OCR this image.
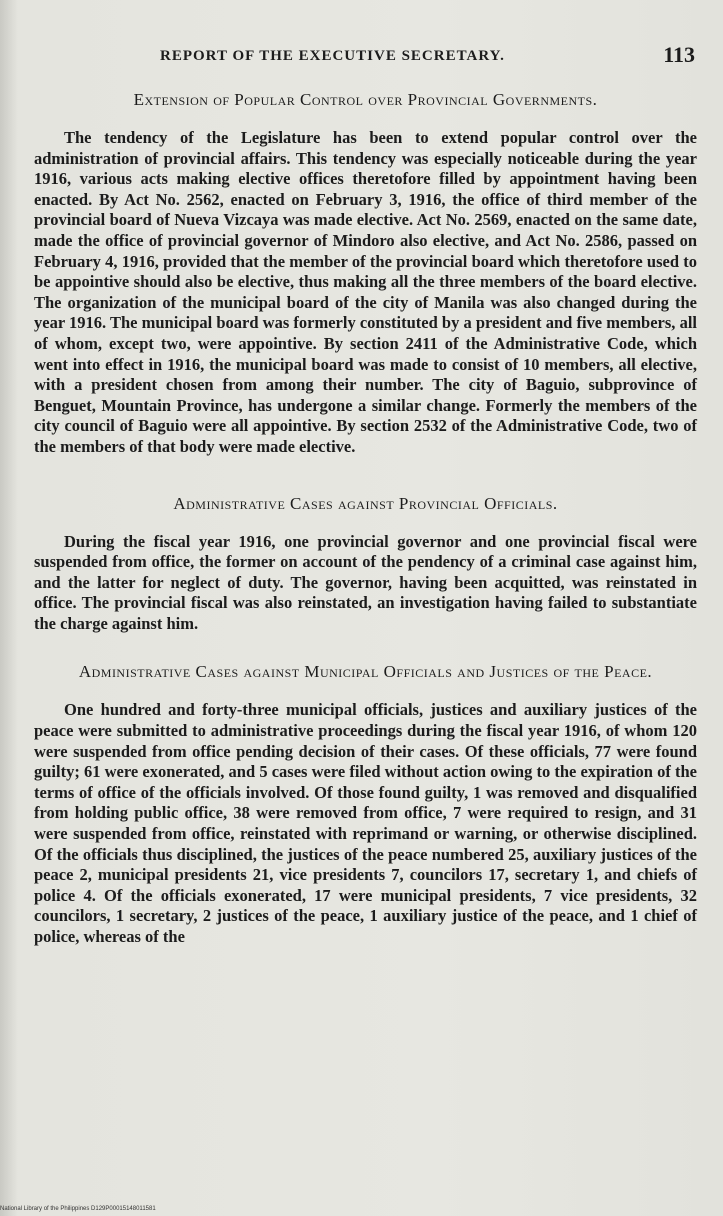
REPORT OF THE EXECUTIVE SECRETARY.	113
Extension of Popular Control over Provincial Governments.

The tendency of the Legislature has been to extend popular control over the administration of provincial affairs. This tendency was especially noticeable during the year 1916, various acts making elective offices theretofore filled by appointment having been enacted. By Act No. 2562, enacted on February 3, 1916, the office of third member of the provincial board of Nueva Vizcaya was made elective. Act No. 2569, enacted on the same date, made the office of provincial governor of Mindoro also elective, and Act No. 2586, passed on February 4, 1916, provided that the member of the provincial board which theretofore used to be appointive should also be elective, thus making all the three members of the board elective. The organization of the municipal board of the city of Manila was also changed during the year 1916. The municipal board was formerly constituted by a president and five members, all of whom, except two, were appointive. By section 2411 of the Administrative Code, which went into effect in 1916, the municipal board was made to consist of 10 members, all elective, with a president chosen from among their number. The city of Baguio, subprovince of Benguet, Mountain Province, has undergone a similar change. Formerly the members of the city council of Baguio were all appointive. By section 2532 of the Administrative Code, two of the members of that body were made elective.

Administrative Cases against Provincial Officials.

During the fiscal year 1916, one provincial governor and one provincial fiscal were suspended from office, the former on account of the pendency of a criminal case against him, and the latter for neglect of duty. The governor, having been acquitted, was reinstated in office. The provincial fiscal was also reinstated, an investigation having failed to substantiate the charge against him.

Administrative Cases against Municipal Officials and Justices of the Peace.

One hundred and forty-three municipal officials, justices and auxiliary justices of the peace were submitted to administrative proceedings during the fiscal year 1916, of whom 120 were suspended from office pending decision of their cases. Of these officials, 77 were found guilty; 61 were exonerated, and 5 cases were filed without action owing to the expiration of the terms of office of the officials involved. Of those found guilty, 1 was removed and disqualified from holding public office, 38 were removed from office, 7 were required to resign, and 31 were suspended from office, reinstated with reprimand or warning, or otherwise disciplined. Of the officials thus disciplined, the justices of the peace numbered 25, auxiliary justices of the peace 2, municipal presidents 21, vice presidents 7, councilors 17, secretary 1, and chiefs of police 4. Of the officials exonerated, 17 were municipal presidents, 7 vice presidents, 32 councilors, 1 secretary, 2 justices of the peace, 1 auxiliary justice of the peace, and 1 chief of police, whereas of the

National Library of the Philippines D129P00015148011581
